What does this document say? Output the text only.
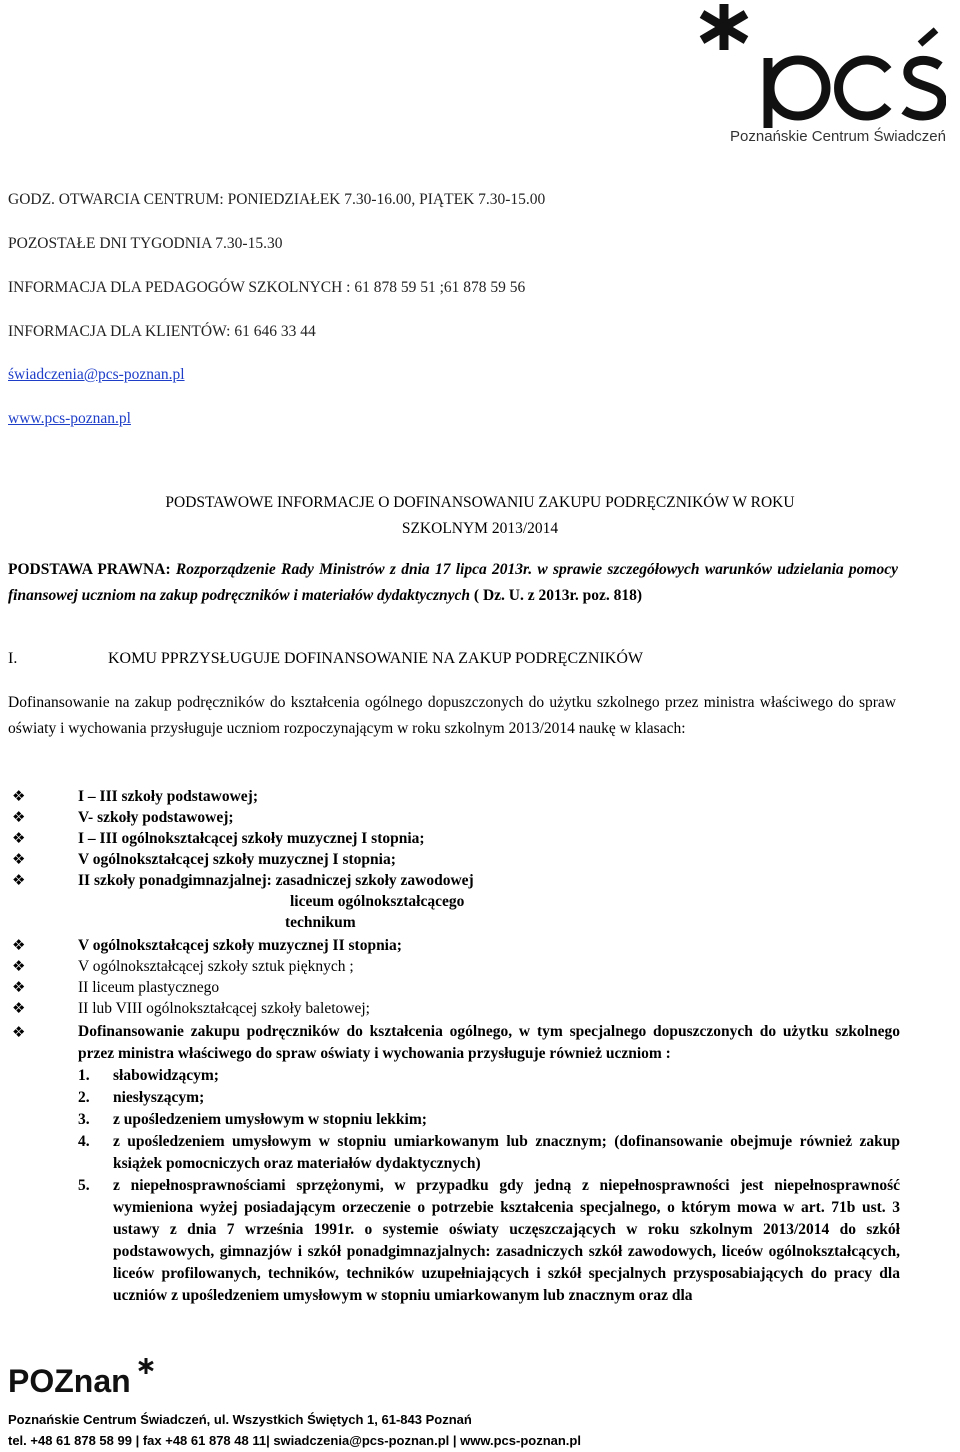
Poznańskie Centrum Świadczeń
GODZ. OTWARCIA CENTRUM: PONIEDZIAŁEK 7.30-16.00, PIĄTEK 7.30-15.00
POZOSTAŁE DNI TYGODNIA 7.30-15.30
INFORMACJA DLA PEDAGOGÓW SZKOLNYCH : 61 878 59 51 ;61 878 59 56
INFORMACJA DLA KLIENTÓW: 61 646 33 44
świadczenia@pcs-poznan.pl
www.pcs-poznan.pl
PODSTAWOWE INFORMACJE O DOFINANSOWANIU ZAKUPU PODRĘCZNIKÓW W ROKU
SZKOLNYM 2013/2014
PODSTAWA PRAWNA: Rozporządzenie Rady Ministrów z dnia 17 lipca 2013r. w sprawie szczegółowych warunków udzielania pomocy finansowej uczniom na zakup podręczników i materiałów dydaktycznych ( Dz. U. z 2013r. poz. 818)
I.	KOMU PPRZYSŁUGUJE DOFINANSOWANIE NA ZAKUP PODRĘCZNIKÓW
Dofinansowanie na zakup podręczników do kształcenia ogólnego dopuszczonych do użytku szkolnego przez ministra właściwego do spraw oświaty i wychowania przysługuje uczniom rozpoczynającym w roku szkolnym 2013/2014 naukę w klasach:
❖	I – III szkoły podstawowej;
❖	V- szkoły podstawowej;
❖	I – III ogólnokształcącej szkoły muzycznej I stopnia;
❖	V ogólnokształcącej szkoły muzycznej I stopnia;
❖	II szkoły ponadgimnazjalnej: zasadniczej szkoły zawodowej
liceum ogólnokształcącego
technikum
❖	V ogólnokształcącej szkoły muzycznej II stopnia;
❖	V ogólnokształcącej szkoły sztuk pięknych ;
❖	II liceum plastycznego
❖	II lub VIII ogólnokształcącej szkoły baletowej;
❖	Dofinansowanie zakupu podręczników do kształcenia ogólnego, w tym specjalnego dopuszczonych do użytku szkolnego przez ministra właściwego do spraw oświaty i wychowania przysługuje również uczniom :
1. słabowidzącym;
2. niesłyszącym;
3. z upośledzeniem umysłowym w stopniu lekkim;
4. z upośledzeniem umysłowym w stopniu umiarkowanym lub znacznym; (dofinansowanie obejmuje również zakup książek pomocniczych oraz materiałów dydaktycznych)
5. z niepełnosprawnościami sprzężonymi, w przypadku gdy jedną z niepełnosprawności jest niepełnosprawność wymieniona wyżej posiadającym orzeczenie o potrzebie kształcenia specjalnego, o którym mowa w art. 71b ust. 3 ustawy z dnia 7 września 1991r. o systemie oświaty uczęszczających w roku szkolnym 2013/2014 do szkół podstawowych, gimnazjów i szkół ponadgimnazjalnych: zasadniczych szkół zawodowych, liceów ogólnokształcących, liceów profilowanych, techników, techników uzupełniających i szkół specjalnych przysposabiających do pracy dla uczniów z upośledzeniem umysłowym w stopniu umiarkowanym lub znacznym oraz dla
POZnan
Poznańskie Centrum Świadczeń, ul. Wszystkich Świętych 1, 61-843 Poznań
tel. +48 61 878 58 99 | fax +48 61 878 48 11| swiadczenia@pcs-poznan.pl | www.pcs-poznan.pl
